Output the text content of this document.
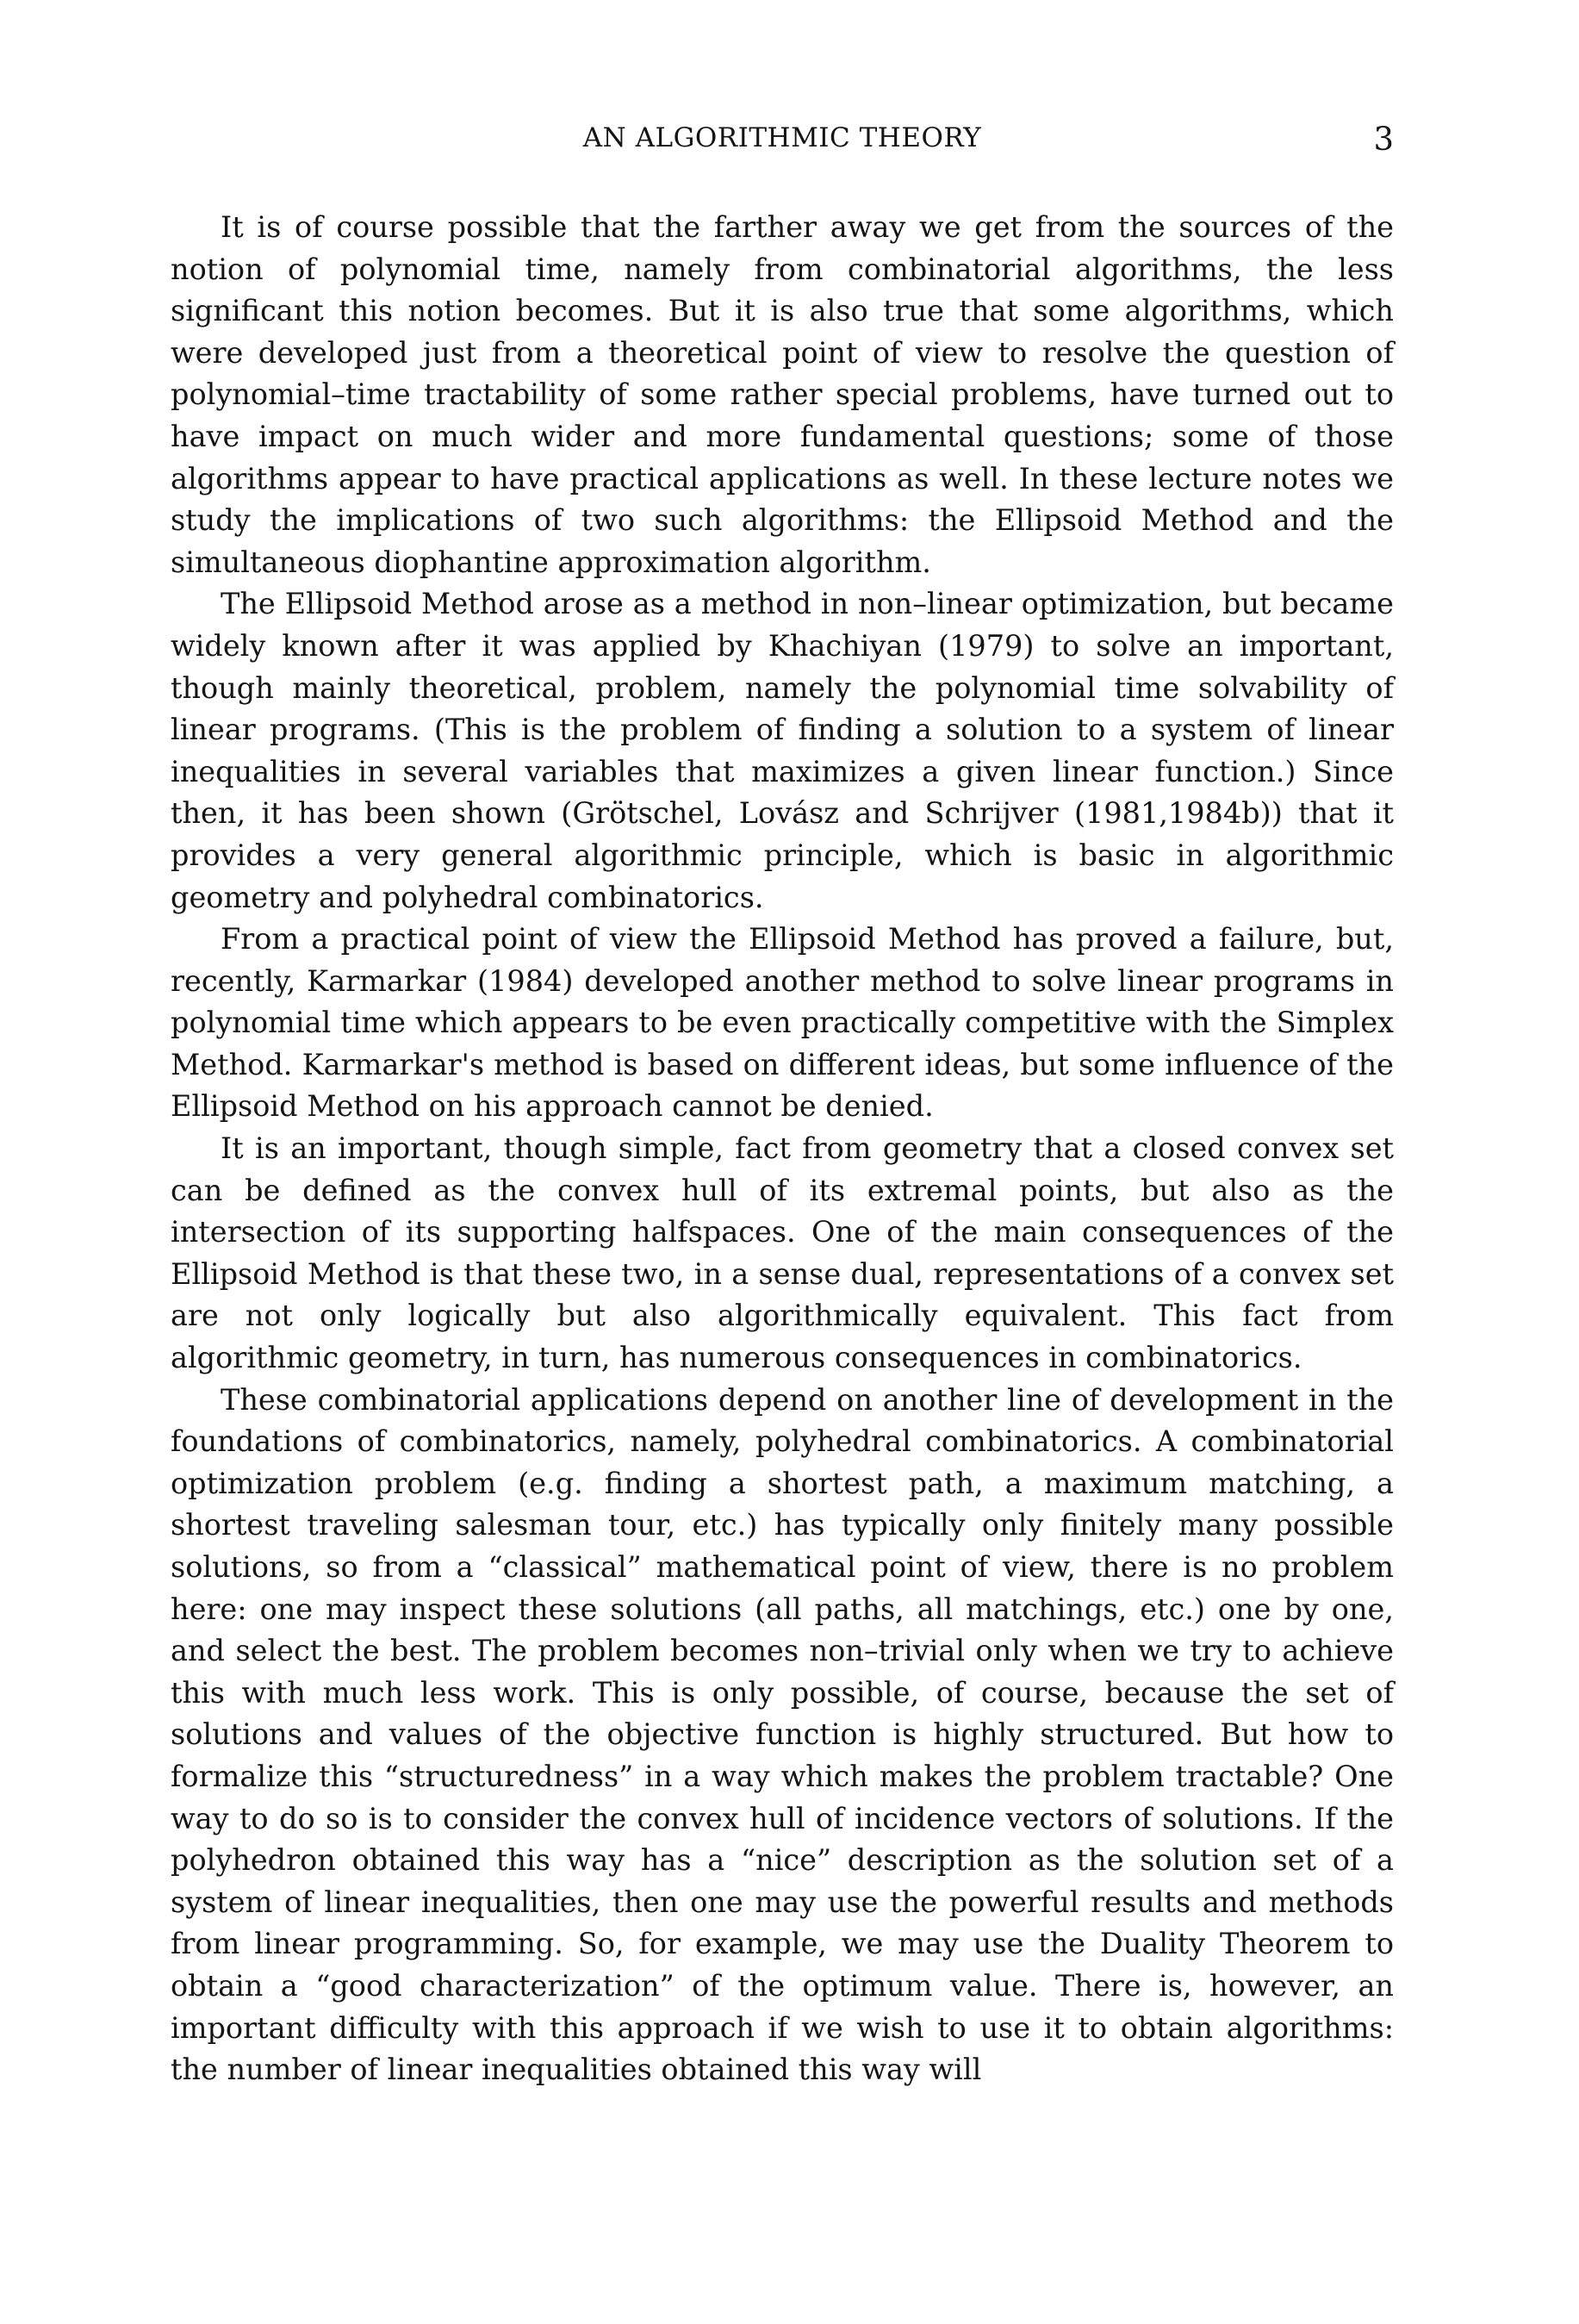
AN ALGORITHMIC THEORY	3

It is of course possible that the farther away we get from the sources of the notion of polynomial time, namely from combinatorial algorithms, the less significant this notion becomes. But it is also true that some algorithms, which were developed just from a theoretical point of view to resolve the question of polynomial–time tractability of some rather special problems, have turned out to have impact on much wider and more fundamental questions; some of those algorithms appear to have practical applications as well. In these lecture notes we study the implications of two such algorithms: the Ellipsoid Method and the simultaneous diophantine approximation algorithm.

The Ellipsoid Method arose as a method in non–linear optimization, but became widely known after it was applied by Khachiyan (1979) to solve an important, though mainly theoretical, problem, namely the polynomial time solvability of linear programs. (This is the problem of finding a solution to a system of linear inequalities in several variables that maximizes a given linear function.) Since then, it has been shown (Grötschel, Lovász and Schrijver (1981,1984b)) that it provides a very general algorithmic principle, which is basic in algorithmic geometry and polyhedral combinatorics.

From a practical point of view the Ellipsoid Method has proved a failure, but, recently, Karmarkar (1984) developed another method to solve linear programs in polynomial time which appears to be even practically competitive with the Simplex Method. Karmarkar's method is based on different ideas, but some influence of the Ellipsoid Method on his approach cannot be denied.

It is an important, though simple, fact from geometry that a closed convex set can be defined as the convex hull of its extremal points, but also as the intersection of its supporting halfspaces. One of the main consequences of the Ellipsoid Method is that these two, in a sense dual, representations of a convex set are not only logically but also algorithmically equivalent. This fact from algorithmic geometry, in turn, has numerous consequences in combinatorics.

These combinatorial applications depend on another line of development in the foundations of combinatorics, namely, polyhedral combinatorics. A combinatorial optimization problem (e.g. finding a shortest path, a maximum matching, a shortest traveling salesman tour, etc.) has typically only finitely many possible solutions, so from a “classical” mathematical point of view, there is no problem here: one may inspect these solutions (all paths, all matchings, etc.) one by one, and select the best. The problem becomes non–trivial only when we try to achieve this with much less work. This is only possible, of course, because the set of solutions and values of the objective function is highly structured. But how to formalize this “structuredness” in a way which makes the problem tractable? One way to do so is to consider the convex hull of incidence vectors of solutions. If the polyhedron obtained this way has a “nice” description as the solution set of a system of linear inequalities, then one may use the powerful results and methods from linear programming. So, for example, we may use the Duality Theorem to obtain a “good characterization” of the optimum value. There is, however, an important difficulty with this approach if we wish to use it to obtain algorithms: the number of linear inequalities obtained this way will
